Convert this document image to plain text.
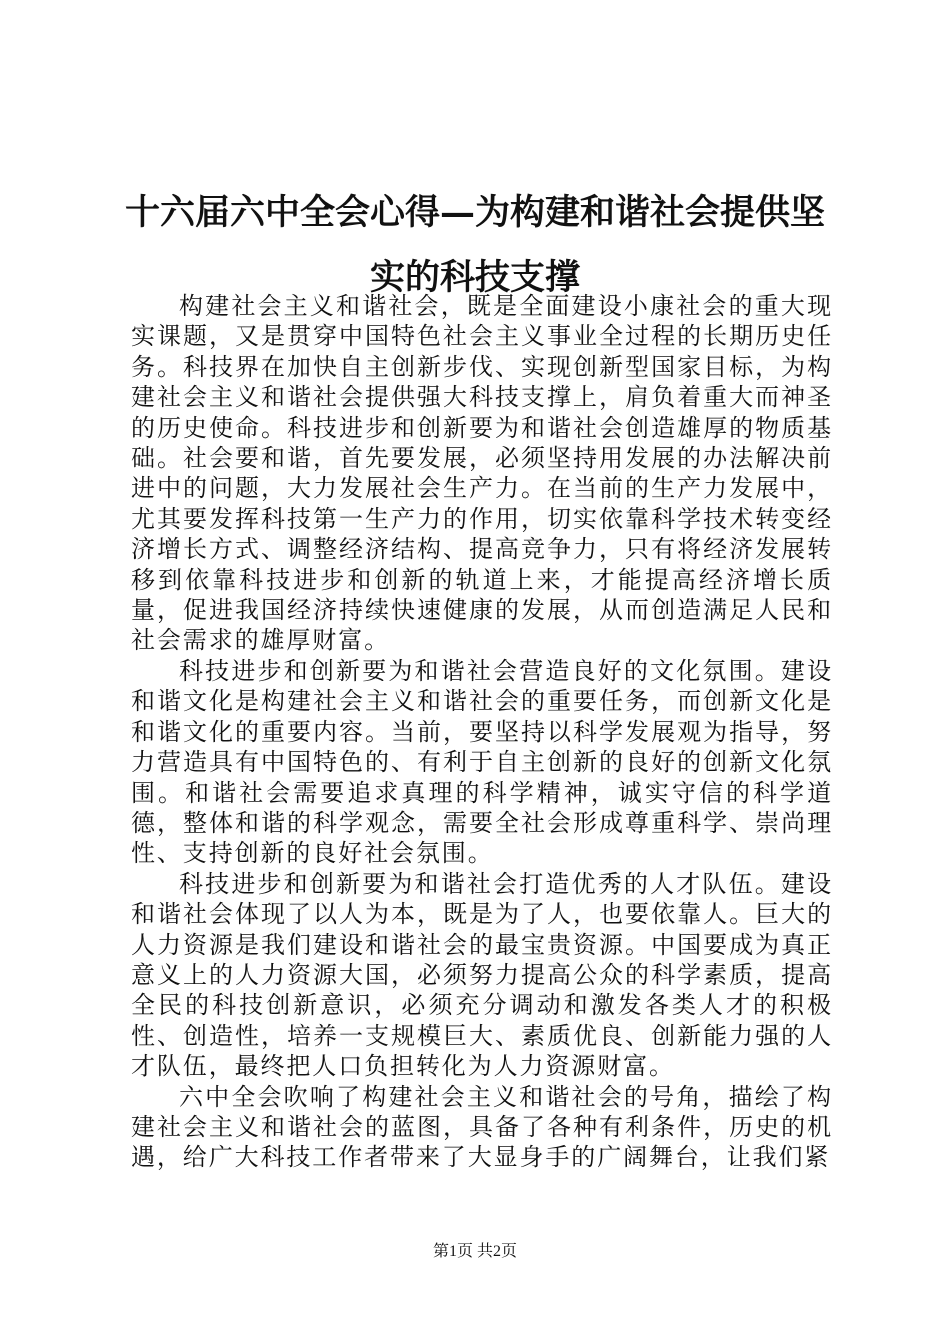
十六届六中全会心得—为构建和谐社会提供坚实的科技支撑

构建社会主义和谐社会，既是全面建设小康社会的重大现实课题，又是贯穿中国特色社会主义事业全过程的长期历史任务。科技界在加快自主创新步伐、实现创新型国家目标，为构建社会主义和谐社会提供强大科技支撑上，肩负着重大而神圣的历史使命。科技进步和创新要为和谐社会创造雄厚的物质基础。社会要和谐，首先要发展，必须坚持用发展的办法解决前进中的问题，大力发展社会生产力。在当前的生产力发展中，尤其要发挥科技第一生产力的作用，切实依靠科学技术转变经济增长方式、调整经济结构、提高竞争力，只有将经济发展转移到依靠科技进步和创新的轨道上来，才能提高经济增长质量，促进我国经济持续快速健康的发展，从而创造满足人民和社会需求的雄厚财富。

科技进步和创新要为和谐社会营造良好的文化氛围。建设和谐文化是构建社会主义和谐社会的重要任务，而创新文化是和谐文化的重要内容。当前，要坚持以科学发展观为指导，努力营造具有中国特色的、有利于自主创新的良好的创新文化氛围。和谐社会需要追求真理的科学精神，诚实守信的科学道德，整体和谐的科学观念，需要全社会形成尊重科学、崇尚理性、支持创新的良好社会氛围。

科技进步和创新要为和谐社会打造优秀的人才队伍。建设和谐社会体现了以人为本，既是为了人，也要依靠人。巨大的人力资源是我们建设和谐社会的最宝贵资源。中国要成为真正意义上的人力资源大国，必须努力提高公众的科学素质，提高全民的科技创新意识，必须充分调动和激发各类人才的积极性、创造性，培养一支规模巨大、素质优良、创新能力强的人才队伍，最终把人口负担转化为人力资源财富。

六中全会吹响了构建社会主义和谐社会的号角，描绘了构建社会主义和谐社会的蓝图，具备了各种有利条件，历史的机遇，给广大科技工作者带来了大显身手的广阔舞台，让我们紧

第1页 共2页
